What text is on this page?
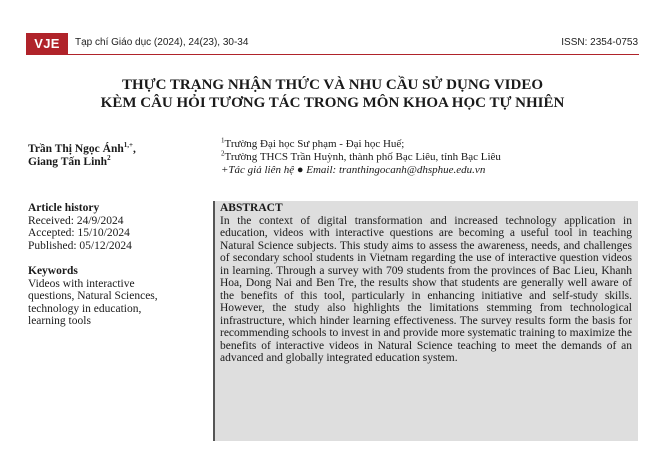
VJE	Tạp chí Giáo dục (2024), 24(23), 30-34	ISSN: 2354-0753
THỰC TRẠNG NHẬN THỨC VÀ NHU CẦU SỬ DỤNG VIDEO
KÈM CÂU HỎI TƯƠNG TÁC TRONG MÔN KHOA HỌC TỰ NHIÊN
Trần Thị Ngọc Ánh$^{1,+}$,
Giang Tấn Linh$^2$
$^1$Trường Đại học Sư phạm - Đại học Huế;
$^2$Trường THCS Trần Huỳnh, thành phố Bạc Liêu, tỉnh Bạc Liêu
+Tác giả liên hệ ● Email: tranthingocanh@dhsphue.edu.vn
Article history
Received: 24/9/2024
Accepted: 15/10/2024
Published: 05/12/2024
Keywords
Videos with interactive
questions, Natural Sciences,
technology in education,
learning tools
ABSTRACT
In the context of digital transformation and increased technology application in education, videos with interactive questions are becoming a useful tool in teaching Natural Science subjects. This study aims to assess the awareness, needs, and challenges of secondary school students in Vietnam regarding the use of interactive question videos in learning. Through a survey with 709 students from the provinces of Bac Lieu, Khanh Hoa, Dong Nai and Ben Tre, the results show that students are generally well aware of the benefits of this tool, particularly in enhancing initiative and self-study skills. However, the study also highlights the limitations stemming from technological infrastructure, which hinder learning effectiveness. The survey results form the basis for recommending schools to invest in and provide more systematic training to maximize the benefits of interactive videos in Natural Science teaching to meet the demands of an advanced and globally integrated education system.
